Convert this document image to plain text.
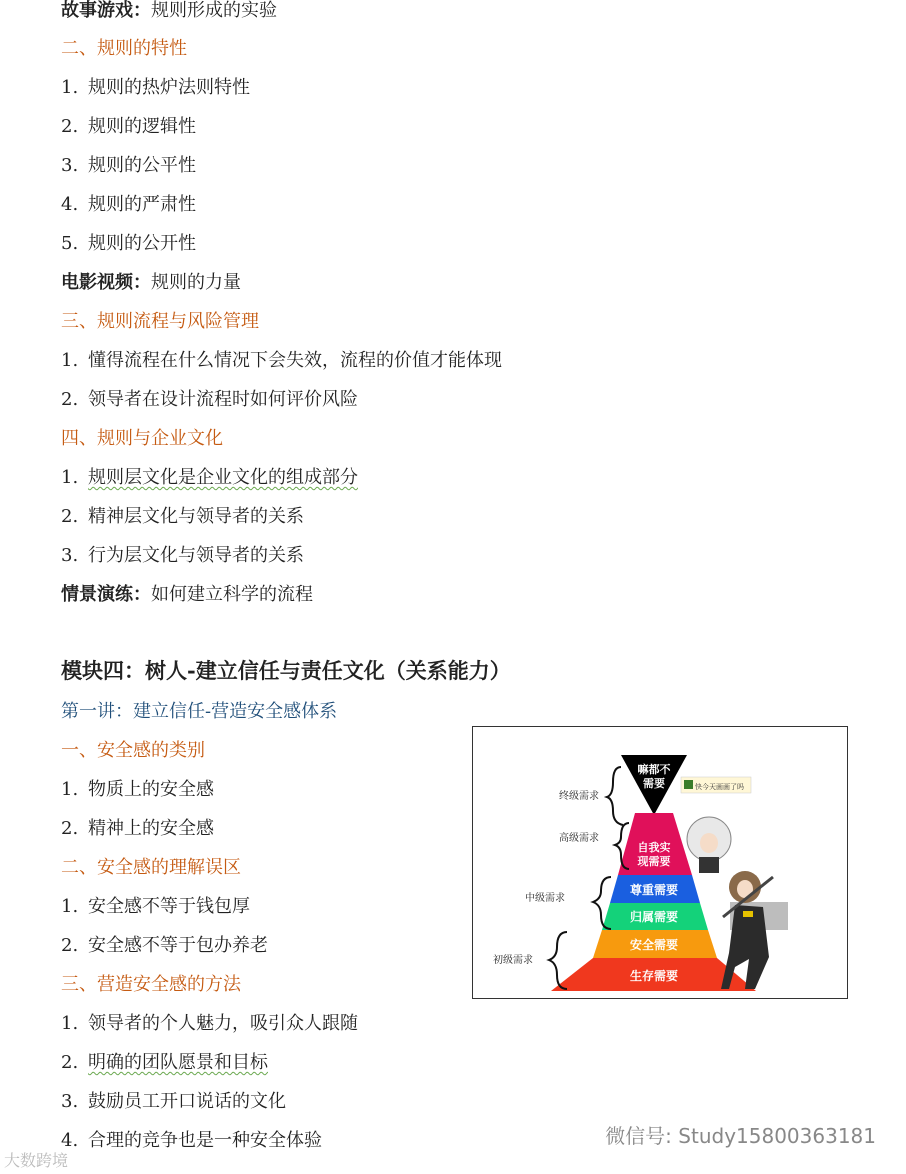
故事游戏：规则形成的实验
二、规则的特性
1. 规则的热炉法则特性
2. 规则的逻辑性
3. 规则的公平性
4. 规则的严肃性
5. 规则的公开性
电影视频：规则的力量
三、规则流程与风险管理
1. 懂得流程在什么情况下会失效，流程的价值才能体现
2. 领导者在设计流程时如何评价风险
四、规则与企业文化
1. 规则层文化是企业文化的组成部分
2. 精神层文化与领导者的关系
3. 行为层文化与领导者的关系
情景演练：如何建立科学的流程
模块四：树人-建立信任与责任文化（关系能力）
第一讲：建立信任-营造安全感体系
一、安全感的类别
1. 物质上的安全感
2. 精神上的安全感
二、安全感的理解误区
1. 安全感不等于钱包厚
2. 安全感不等于包办养老
三、营造安全感的方法
1. 领导者的个人魅力，吸引众人跟随
2. 明确的团队愿景和目标
3. 鼓励员工开口说话的文化
4. 合理的竞争也是一种安全体验
嘛都不
需要	快今天画画了吗
自我实
现需要
尊重需要
归属需要
安全需要
生存需要
终级需求
高级需求
中级需求
初级需求
微信号: Study15800363181
大数跨境
